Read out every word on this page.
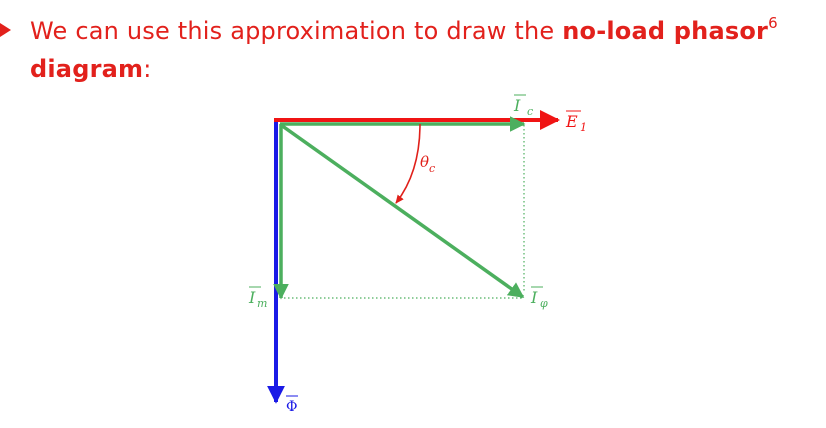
We can use this approximation to draw the no-load phasor$^6$
diagram:
I c
E 1
θ c
I m	I φ
Φ
